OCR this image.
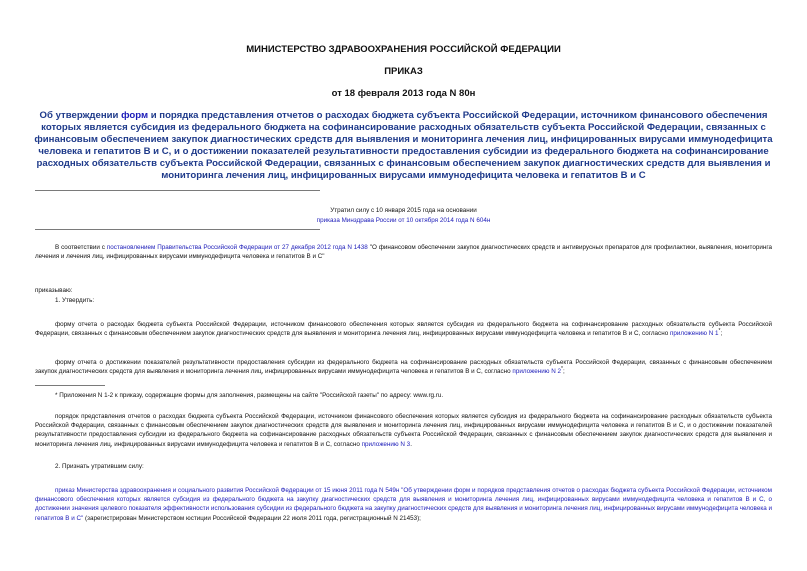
МИНИСТЕРСТВО ЗДРАВООХРАНЕНИЯ РОССИЙСКОЙ ФЕДЕРАЦИИ
ПРИКАЗ
от 18 февраля 2013 года N 80н
Об утверждении форм и порядка представления отчетов о расходах бюджета субъекта Российской Федерации, источником финансового обеспечения которых является субсидия из федерального бюджета на софинансирование расходных обязательств субъекта Российской Федерации, связанных с финансовым обеспечением закупок диагностических средств для выявления и мониторинга лечения лиц, инфицированных вирусами иммунодефицита человека и гепатитов В и С, и о достижении показателей результативности предоставления субсидии из федерального бюджета на софинансирование расходных обязательств субъекта Российской Федерации, связанных с финансовым обеспечением закупок диагностических средств для выявления и мониторинга лечения лиц, инфицированных вирусами иммунодефицита человека и гепатитов В и С
Утратил силу с 10 января 2015 года на основании
приказа Минздрава России от 10 октября 2014 года N 604н
В соответствии с постановлением Правительства Российской Федерации от 27 декабря 2012 года N 1438 "О финансовом обеспечении закупок диагностических средств и антивирусных препаратов для профилактики, выявления, мониторинга лечения и лечения лиц, инфицированных вирусами иммунодефицита человека и гепатитов В и С"
приказываю:
1. Утвердить:
форму отчета о расходах бюджета субъекта Российской Федерации, источником финансового обеспечения которых является субсидия из федерального бюджета на софинансирование расходных обязательств субъекта Российской Федерации, связанных с финансовым обеспечением закупок диагностических средств для выявления и мониторинга лечения лиц, инфицированных вирусами иммунодефицита человека и гепатитов В и С, согласно приложению N 1*;
форму отчета о достижении показателей результативности предоставления субсидии из федерального бюджета на софинансирование расходных обязательств субъекта Российской Федерации, связанных с финансовым обеспечением закупок диагностических средств для выявления и мониторинга лечения лиц, инфицированных вирусами иммунодефицита человека и гепатитов В и С, согласно приложению N 2*;
* Приложения N 1-2 к приказу, содержащие формы для заполнения, размещены на сайте "Российской газеты" по адресу: www.rg.ru.
порядок представления отчетов о расходах бюджета субъекта Российской Федерации, источником финансового обеспечения которых является субсидия из федерального бюджета на софинансирование расходных обязательств субъекта Российской Федерации, связанных с финансовым обеспечением закупок диагностических средств для выявления и мониторинга лечения лиц, инфицированных вирусами иммунодефицита человека и гепатитов В и С, и о достижении показателей результативности предоставления субсидии из федерального бюджета на софинансирование расходных обязательств субъекта Российской Федерации, связанных с финансовым обеспечением закупок диагностических средств для выявления и мониторинга лечения лиц, инфицированных вирусами иммунодефицита человека и гепатитов В и С, согласно приложению N 3.
2. Признать утратившим силу:
приказ Министерства здравоохранения и социального развития Российской Федерации от 15 июня 2011 года N 549н "Об утверждении форм и порядков представления отчетов о расходах бюджета субъекта Российской Федерации, источником финансового обеспечения которых является субсидия из федерального бюджета на закупку диагностических средств для выявления и мониторинга лечения лиц, инфицированных вирусами иммунодефицита человека и гепатитов В и С, о достижении значения целевого показателя эффективности использования субсидии из федерального бюджета на закупку диагностических средств для выявления и мониторинга лечения лиц, инфицированных вирусами иммунодефицита человека и гепатитов В и С" (зарегистрирован Министерством юстиции Российской Федерации 22 июля 2011 года, регистрационный N 21453);
